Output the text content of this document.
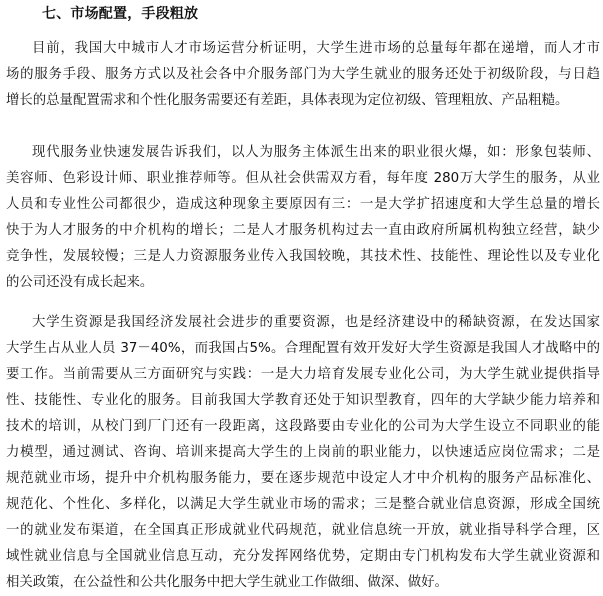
七、市场配置，手段粗放
目前，我国大中城市人才市场运营分析证明，大学生进市场的总量每年都在递增，而人才市
场的服务手段、服务方式以及社会各中介服务部门为大学生就业的服务还处于初级阶段，与日趋
增长的总量配置需求和个性化服务需要还有差距，具体表现为定位初级、管理粗放、产品粗糙。
现代服务业快速发展告诉我们，以人为服务主体派生出来的职业很火爆，如：形象包装师、
美容师、色彩设计师、职业推荐师等。但从社会供需双方看，每年度 280万大学生的服务，从业
人员和专业性公司都很少，造成这种现象主要原因有三：一是大学扩招速度和大学生总量的增长
快于为人才服务的中介机构的增长；二是人才服务机构过去一直由政府所属机构独立经营，缺少
竞争性，发展较慢；三是人力资源服务业传入我国较晚，其技术性、技能性、理论性以及专业化
的公司还没有成长起来。
大学生资源是我国经济发展社会进步的重要资源，也是经济建设中的稀缺资源，在发达国家
大学生占从业人员 37－40%，而我国占5%。合理配置有效开发好大学生资源是我国人才战略中的
要工作。当前需要从三方面研究与实践：一是大力培育发展专业化公司，为大学生就业提供指导
性、技能性、专业化的服务。目前我国大学教育还处于知识型教育，四年的大学缺少能力培养和
技术的培训，从校门到厂门还有一段距离，这段路要由专业化的公司为大学生设立不同职业的能
力模型，通过测试、咨询、培训来提高大学生的上岗前的职业能力，以快速适应岗位需求；二是
规范就业市场，提升中介机构服务能力，要在逐步规范中设定人才中介机构的服务产品标准化、
规范化、个性化、多样化，以满足大学生就业市场的需求；三是整合就业信息资源，形成全国统
一的就业发布渠道，在全国真正形成就业代码规范，就业信息统一开放，就业指导科学合理，区
域性就业信息与全国就业信息互动，充分发挥网络优势，定期由专门机构发布大学生就业资源和
相关政策，在公益性和公共化服务中把大学生就业工作做细、做深、做好。
